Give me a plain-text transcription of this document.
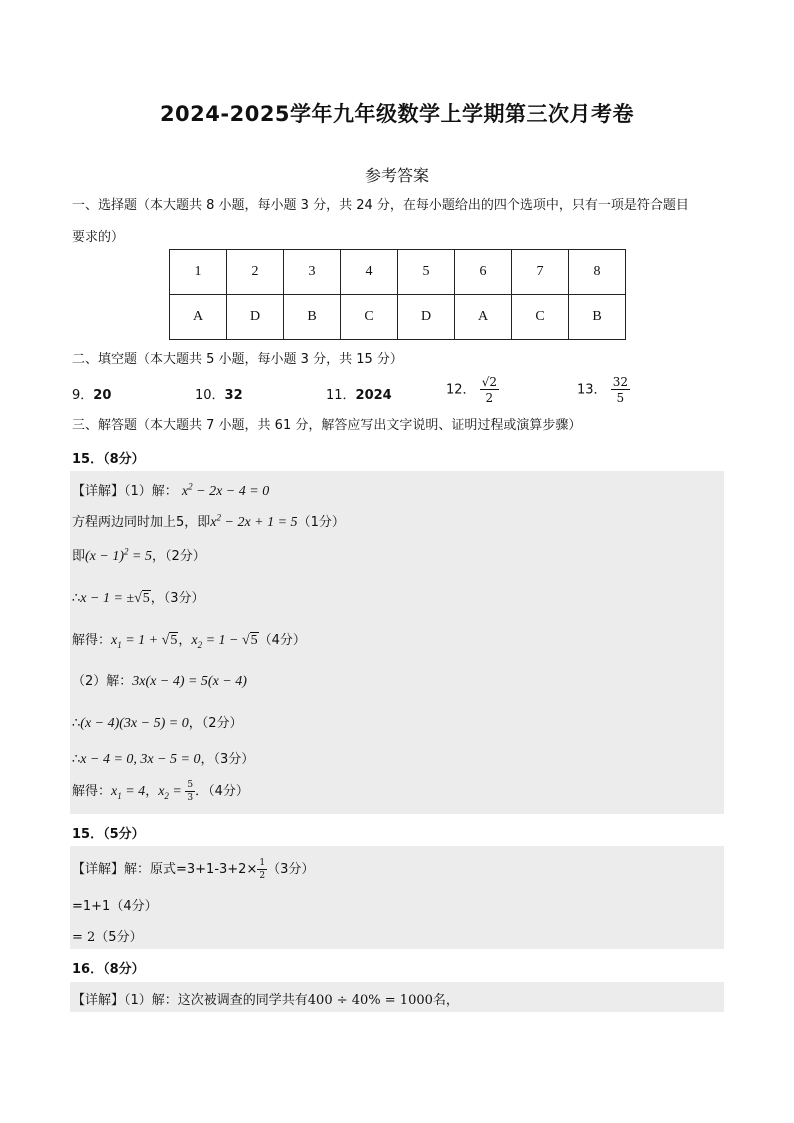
2024-2025学年九年级数学上学期第三次月考卷
参考答案
一、选择题（本大题共 8 小题，每小题 3 分，共 24 分，在每小题给出的四个选项中，只有一项是符合题目
要求的）
1	2	3	4	5	6	7	8
A	D	B	C	D	A	C	B
二、填空题（本大题共 5 小题，每小题 3 分，共 15 分）
9．20	10．32	11．2024	12． $\frac{√2}{2}$	13． $\frac{32}{5}$
三、解答题（本大题共 7 小题，共 61 分，解答应写出文字说明、证明过程或演算步骤）
15．（8分）
【详解】（1）解： $x^2 - 2x - 4 = 0$
方程两边同时加上5，即$x^2 - 2x + 1 = 5(1$分）
即$(x - 1)^2 = 5$，（2分）
∴x − 1 = ±√5，（3分）
解得：$x_1 = 1 + √5$，$x_2 = 1 - √5(4$分）
（2）解：3x(x − 4) = 5(x − 4)
∴(x − 4)(3x − 5) = 0，（2分）
∴x − 4 = 0, 3x − 5 = 0，（3分）
解得：$x_1 = 4$，$x_2 = \frac{5}{3}$ ．（4分）
15．（5分）
【详解】解：原式$=3+1-3+2\times \frac{1}{2} (3$分）
=1+1（4分）
= 2（5分）
16．（8分）
【详解】（1）解：这次被调查的同学共有400 ÷ 40% = 1000名，
